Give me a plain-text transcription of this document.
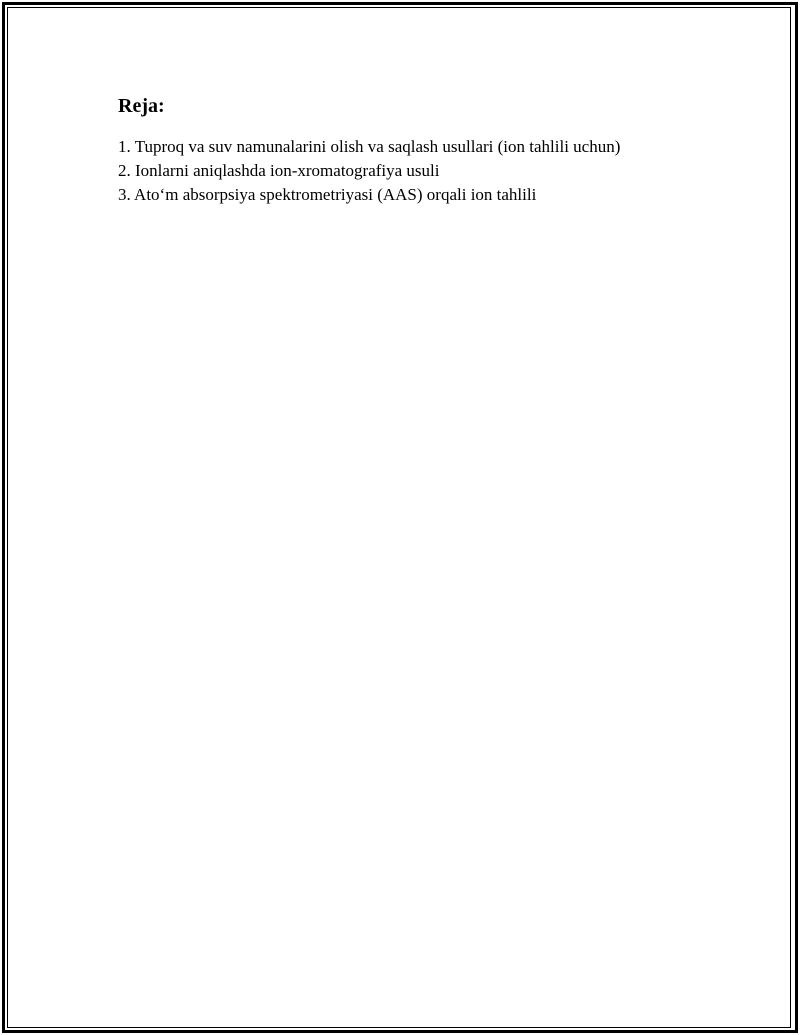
Reja:
1. Tuproq va suv namunalarini olish va saqlash usullari (ion tahlili uchun)
2. Ionlarni aniqlashda ion-xromatografiya usuli
3. Ato‘m absorpsiya spektrometriyasi (AAS) orqali ion tahlili
